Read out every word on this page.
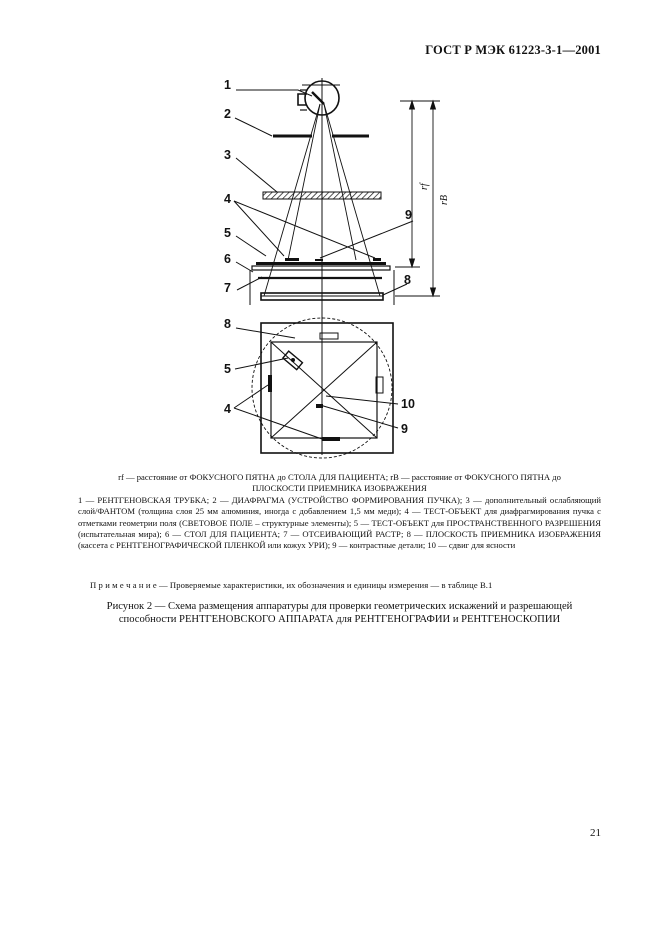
ГОСТ Р МЭК 61223-3-1—2001
rf
rB
1
2
3
4
9
5
6
8
7
8
5
4	10
9

rf — расстояние от ФОКУСНОГО ПЯТНА до СТОЛА ДЛЯ ПАЦИЕНТА; rB — расстояние от ФОКУСНОГО ПЯТНА до

ПЛОСКОСТИ ПРИЕМНИКА ИЗОБРАЖЕНИЯ

1 — РЕНТГЕНОВСКАЯ ТРУБКА; 2 — ДИАФРАГМА (УСТРОЙСТВО ФОРМИРОВАНИЯ ПУЧКА); 3 — дополнительный ослабляющий слой/ФАНТОМ (толщина слоя 25 мм алюминия, иногда с добавлением 1,5 мм меди); 4 — ТЕСТ-ОБЪЕКТ для диафрагмирования пучка с отметками геометрии поля (СВЕТОВОЕ ПОЛЕ – структурные элементы); 5 — ТЕСТ-ОБЪЕКТ для ПРОСТРАНСТВЕННОГО РАЗРЕШЕНИЯ (испытательная мира); 6 — СТОЛ ДЛЯ ПАЦИЕНТА; 7 — ОТСЕИВАЮЩИЙ РАСТР; 8 — ПЛОСКОСТЬ ПРИЕМНИКА ИЗОБРАЖЕНИЯ (кассета с РЕНТГЕНОГРАФИЧЕСКОЙ ПЛЕНКОЙ или кожух УРИ); 9 — контрастные детали; 10 — сдвиг для ясности

П р и м е ч а н и е — Проверяемые характеристики, их обозначения и единицы измерения — в таблице В.1
Рисунок 2 — Схема размещения аппаратуры для проверки геометрических искажений и разрешающей способности РЕНТГЕНОВСКОГО АППАРАТА для РЕНТГЕНОГРАФИИ и РЕНТГЕНОСКОПИИ
21
